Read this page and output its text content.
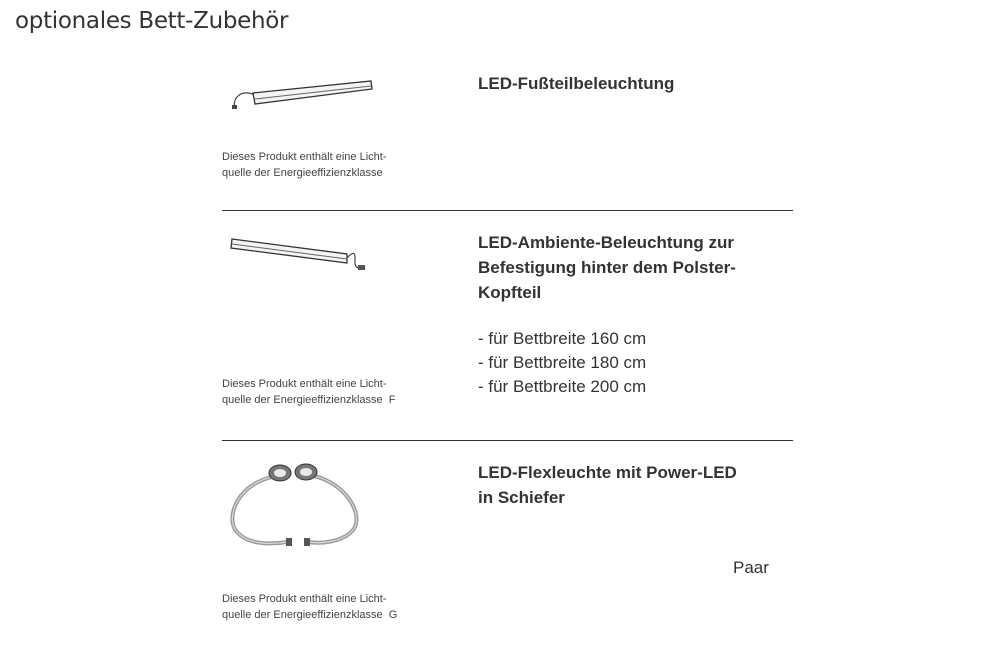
optionales Bett-Zubehör
Dieses Produkt enthält eine Licht-
quelle der Energieeffizienzklasse
LED-Fußteilbeleuchtung
Dieses Produkt enthält eine Licht-
quelle der Energieeffizienzklasse F
LED-Ambiente-Beleuchtung zur
Befestigung hinter dem Polster-
Kopfteil
- für Bettbreite 160 cm
- für Bettbreite 180 cm
- für Bettbreite 200 cm
Dieses Produkt enthält eine Licht-
quelle der Energieeffizienzklasse G
LED-Flexleuchte mit Power-LED
in Schiefer
Paar
